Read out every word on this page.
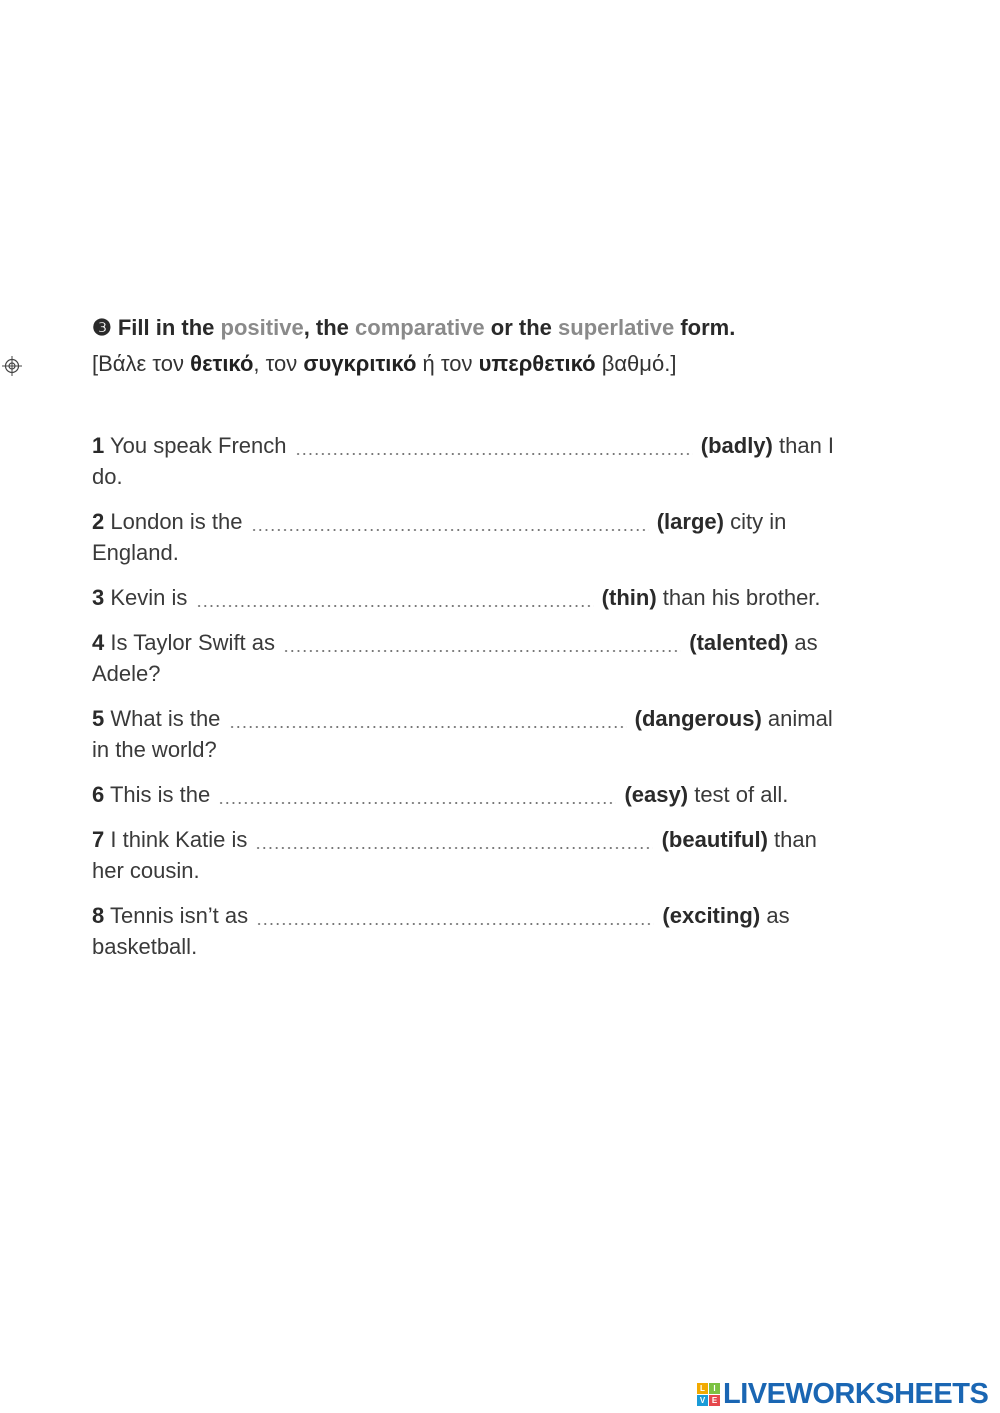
❸ Fill in the positive, the comparative or the superlative form.
[Βάλε τον θετικό, τον συγκριτικό ή τον υπερθετικό βαθμό.]
1 You speak French	(badly) than I do.
2 London is the	(large) city in England.
3 Kevin is	(thin) than his brother.
4 Is Taylor Swift as	(talented) as Adele?
5 What is the	(dangerous) animal in the world?
6 This is the	(easy) test of all.
7 I think Katie is	(beautiful) than her cousin.
8 Tennis isn’t as	(exciting) as basketball.
L	I
V E LIVEWORKSHEETS
